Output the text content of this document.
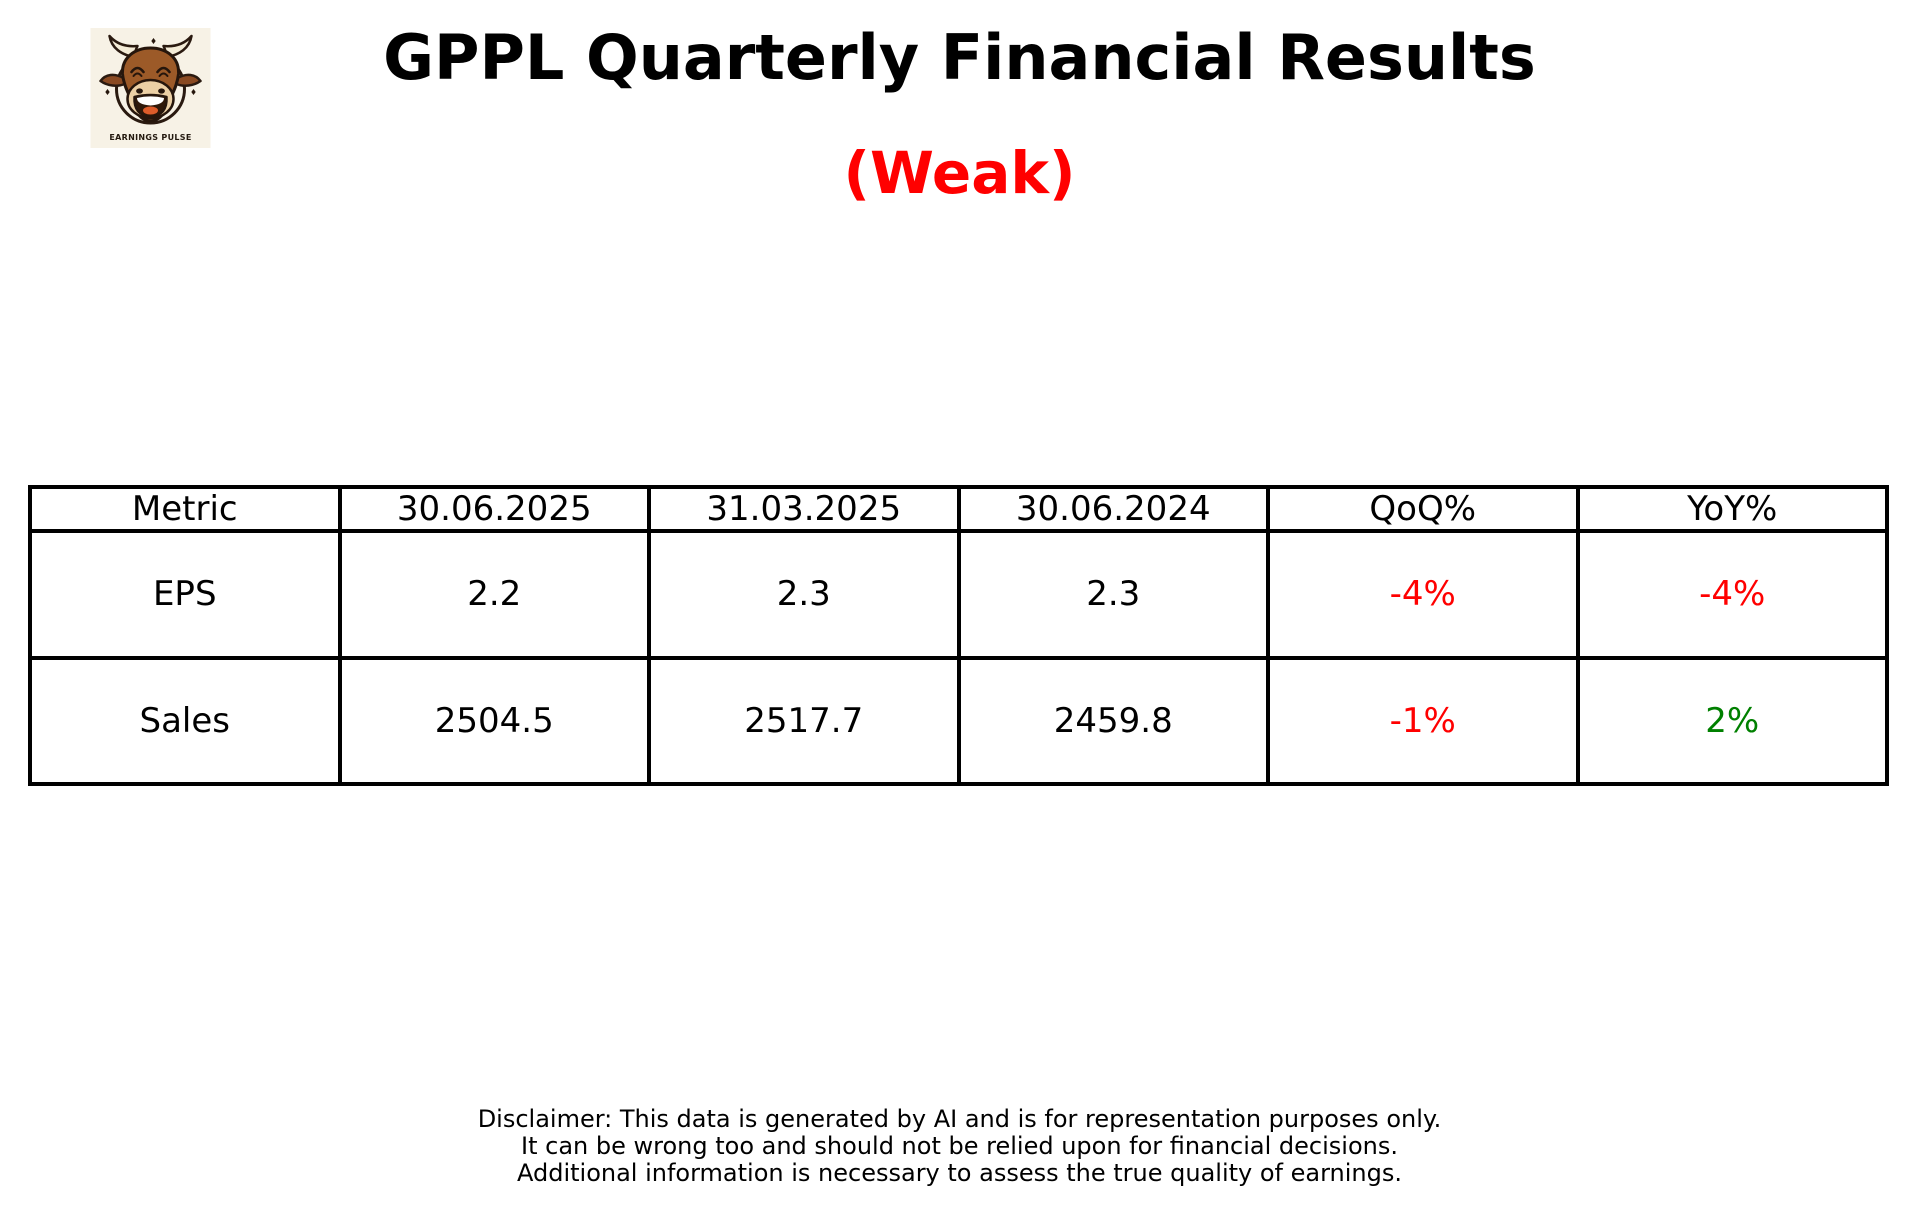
EARNINGS PULSE
GPPL Quarterly Financial Results
(Weak)
Metric	30.06.2025	31.03.2025	30.06.2024	QoQ%	YoY%
EPS	2.2	2.3	2.3	-4%	-4%
Sales	2504.5	2517.7	2459.8	-1%	2%
Disclaimer: This data is generated by AI and is for representation purposes only.
It can be wrong too and should not be relied upon for financial decisions.
Additional information is necessary to assess the true quality of earnings.
